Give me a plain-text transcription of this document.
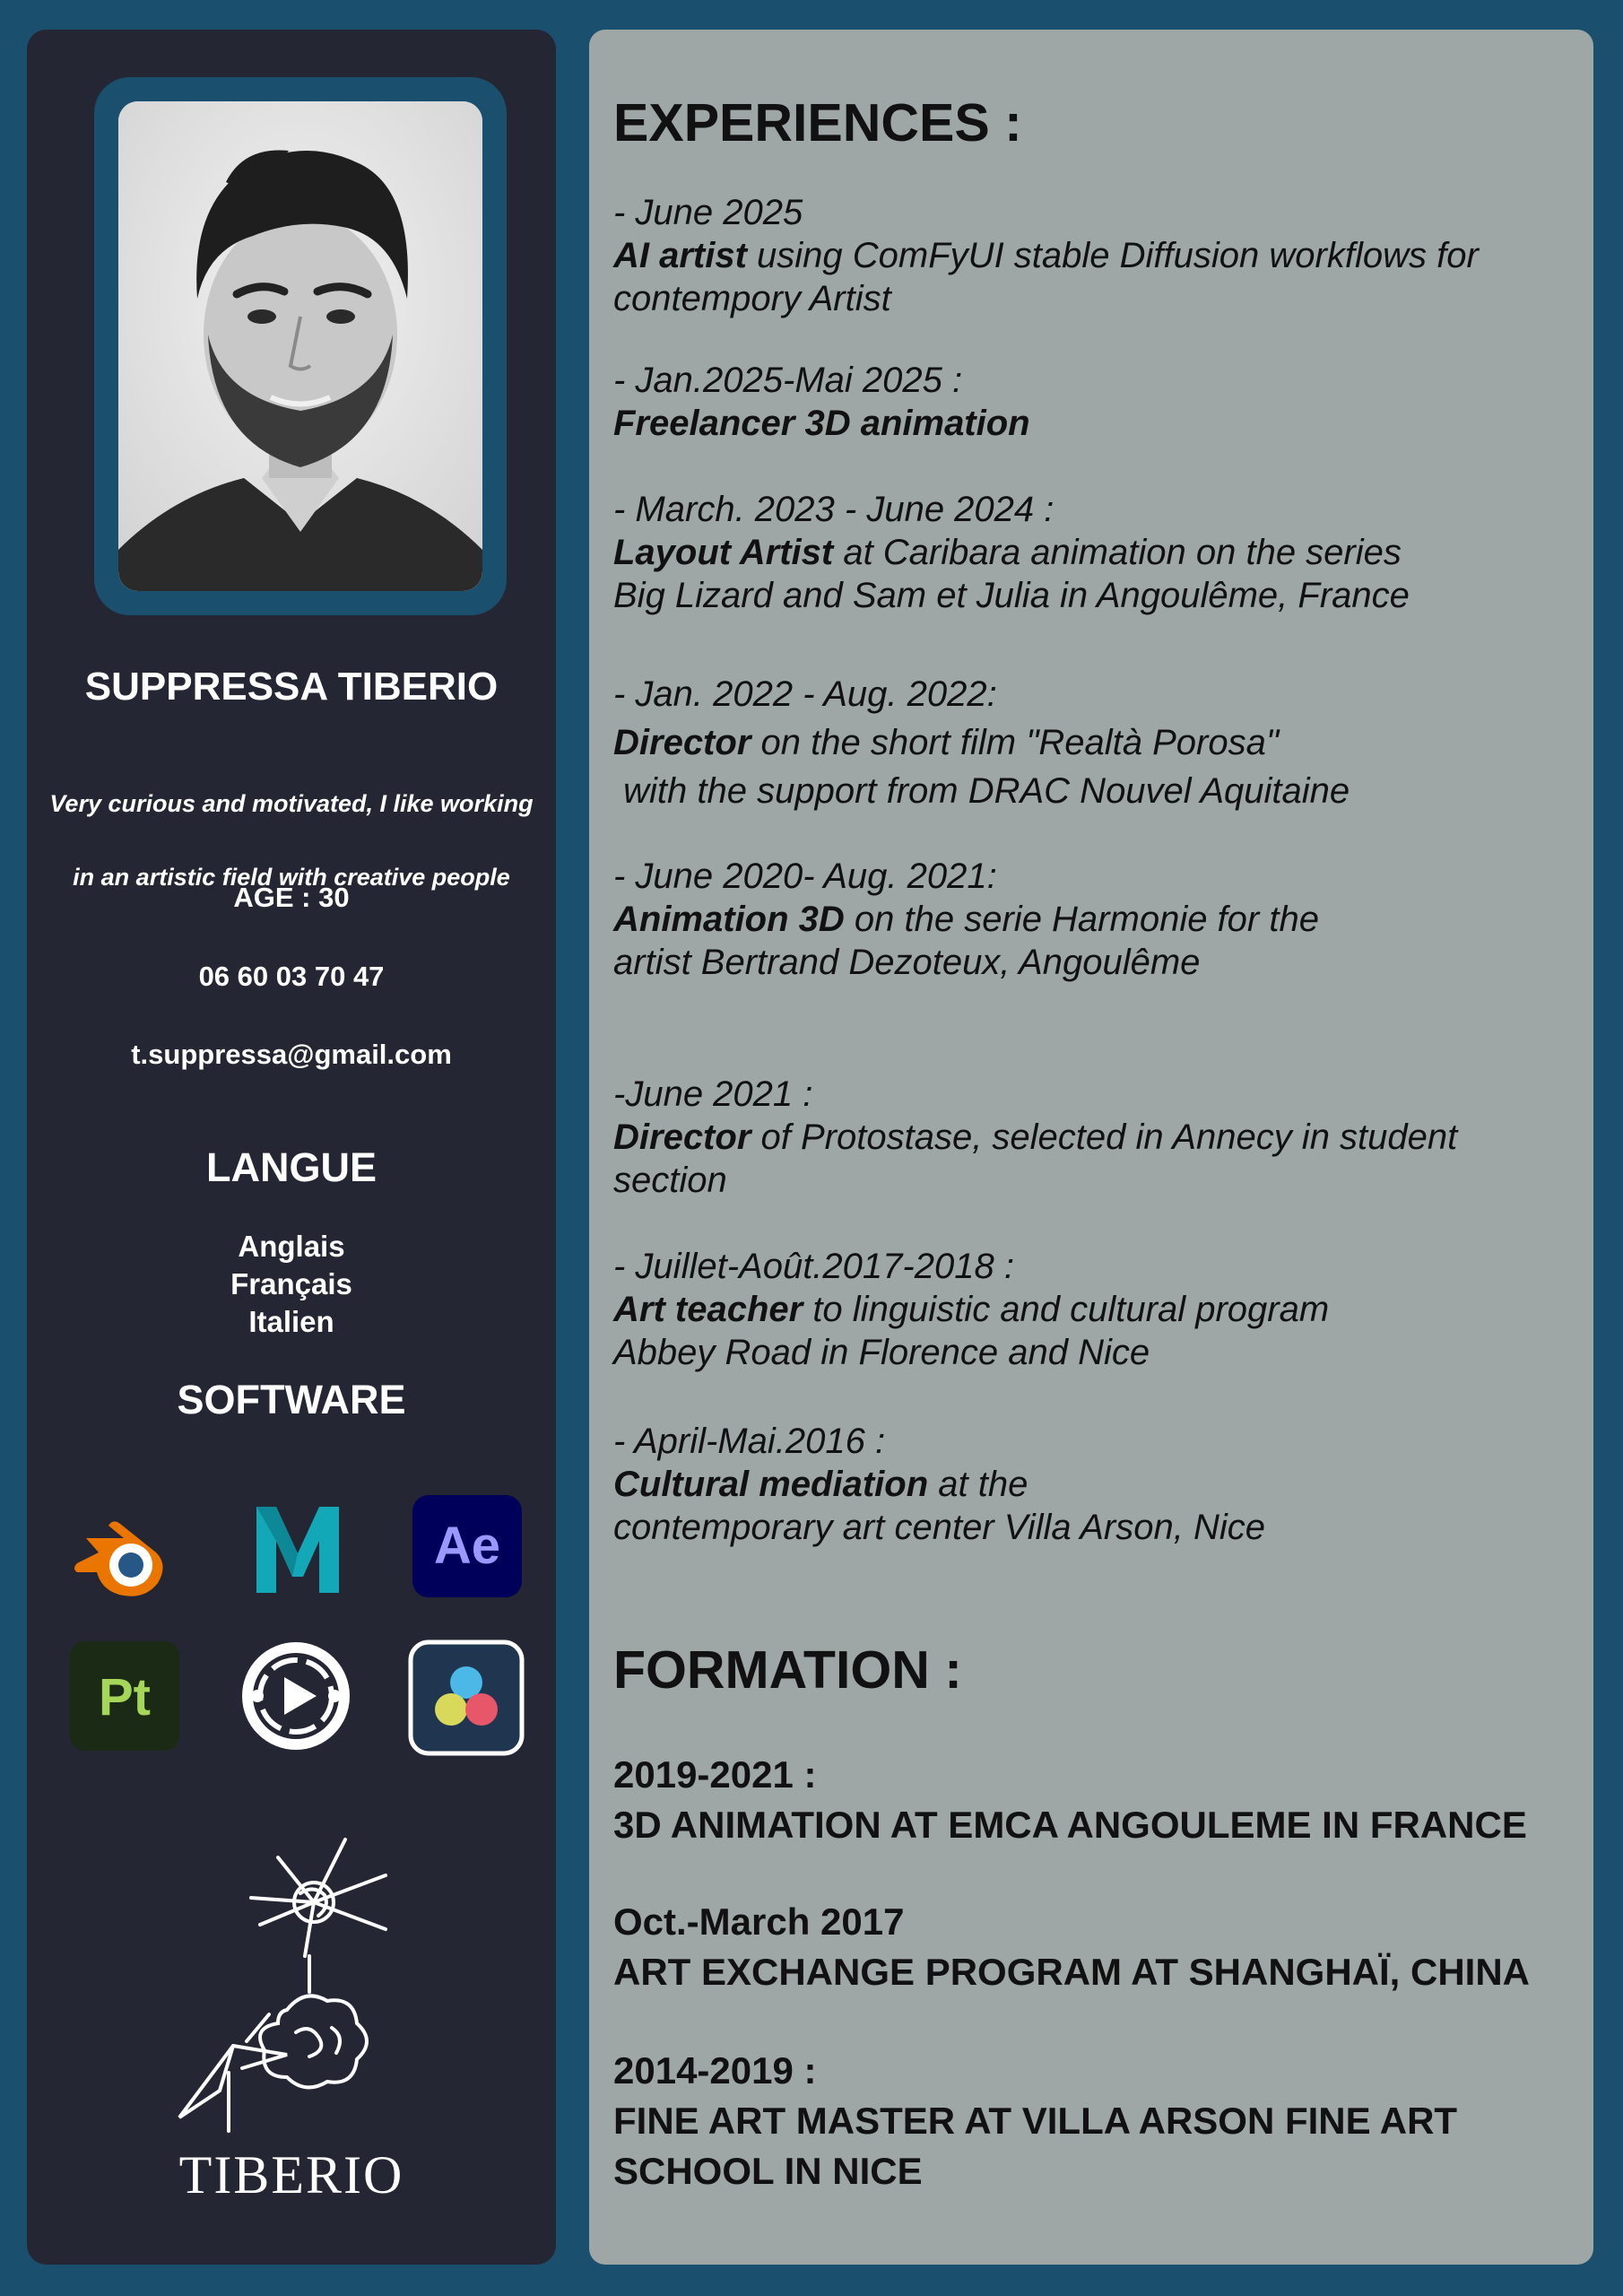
SUPPRESSA TIBERIO

Very curious and motivated, I like working

in an artistic field with creative people

AGE : 30
06 60 03 70 47
t.suppressa@gmail.com
LANGUE
Anglais
Français
Italien
SOFTWARE
Ae
Pt
TIBERIO
EXPERIENCES :
- June 2025
AI artist using ComFyUI stable Diffusion workflows for
contempory Artist
- Jan.2025-Mai 2025 :
Freelancer 3D animation
- March. 2023 - June 2024 :
Layout Artist at Caribara animation on the series
Big Lizard and Sam et Julia in Angoulême, France
- Jan. 2022 - Aug. 2022:
Director on the short film "Realtà Porosa"
with the support from DRAC Nouvel Aquitaine
- June 2020- Aug. 2021:
Animation 3D on the serie Harmonie for the
artist Bertrand Dezoteux, Angoulême
-June 2021 :
Director of Protostase, selected in Annecy in student
section
- Juillet-Août.2017-2018 :
Art teacher to linguistic and cultural program
Abbey Road in Florence and Nice
- April-Mai.2016 :
Cultural mediation at the
contemporary art center Villa Arson, Nice
FORMATION :
2019-2021 :
3D ANIMATION AT EMCA ANGOULEME IN FRANCE
Oct.-March 2017
ART EXCHANGE PROGRAM AT SHANGHAÏ, CHINA
2014-2019 :
FINE ART MASTER AT VILLA ARSON FINE ART
SCHOOL IN NICE
